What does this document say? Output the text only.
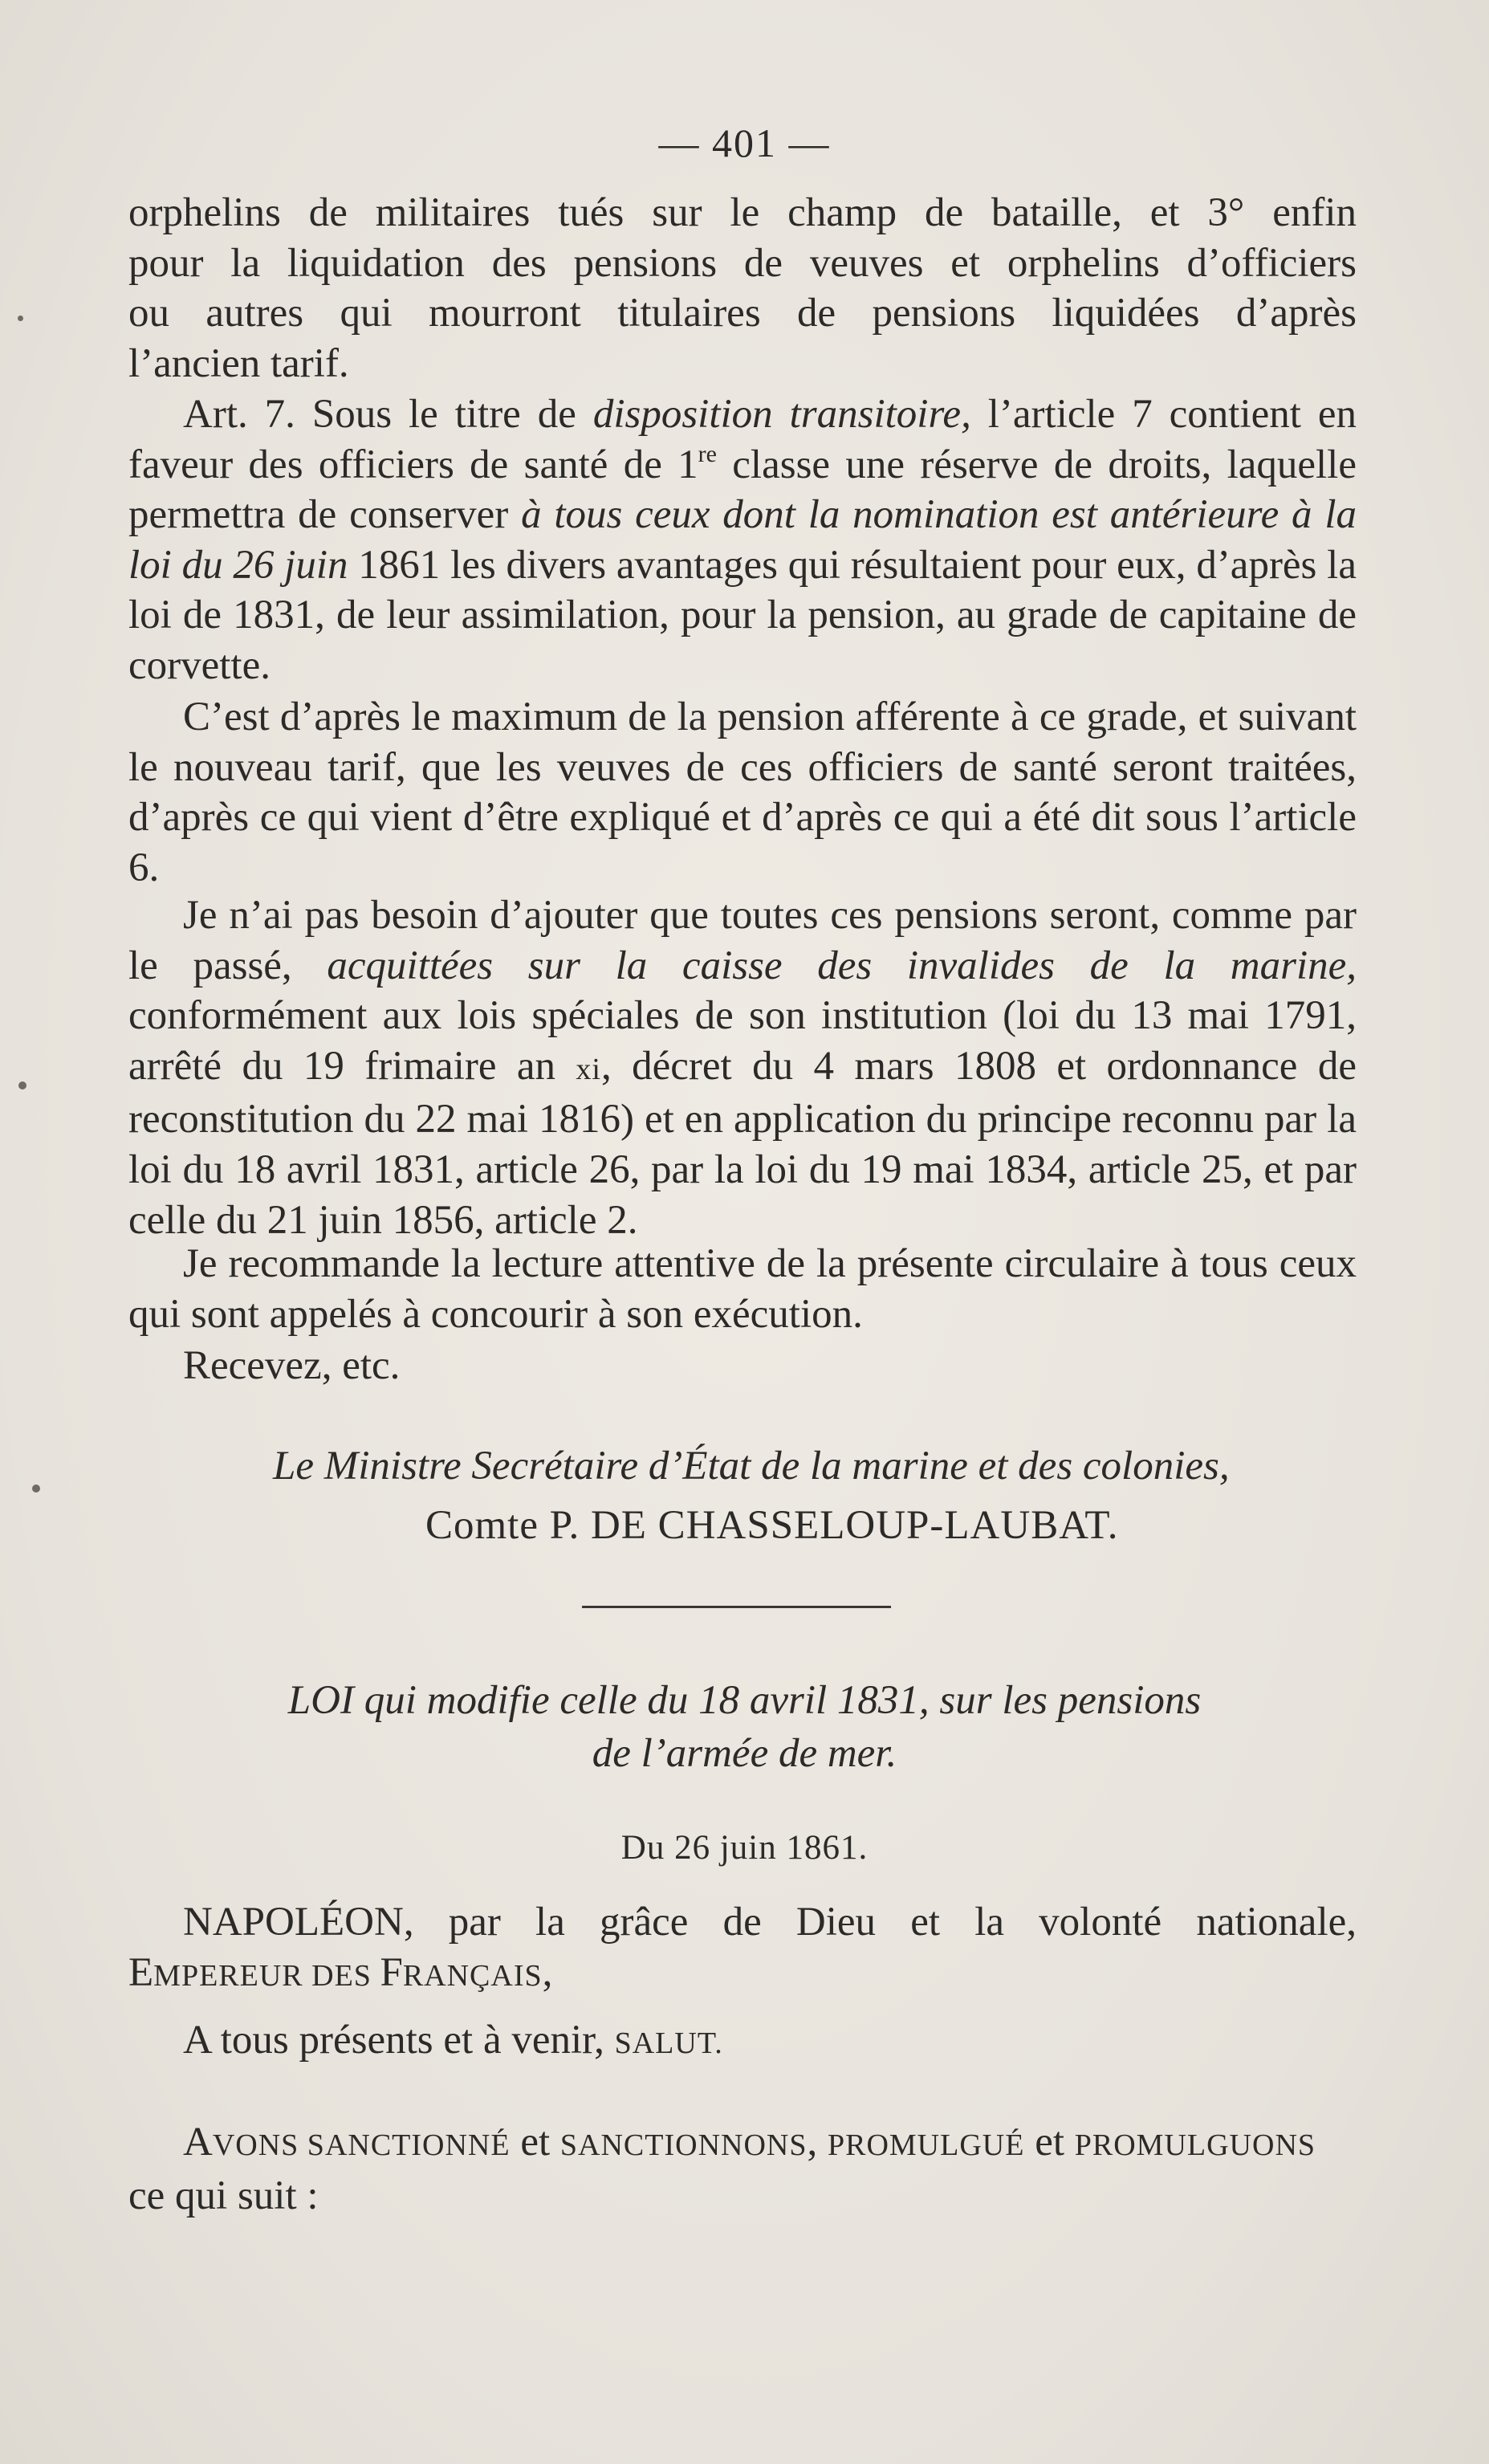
— 401 —

orphelins de militaires tués sur le champ de bataille, et 3° enfin

pour la liquidation des pensions de veuves et orphelins d’officiers

ou autres qui mourront titulaires de pensions liquidées d’après

l’ancien tarif.

Art. 7. Sous le titre de disposition transitoire, l’article 7 contient en faveur des officiers de santé de 1re classe une réserve de droits, laquelle permettra de conserver à tous ceux dont la nomination est antérieure à la loi du 26 juin 1861 les divers avantages qui résultaient pour eux, d’après la loi de 1831, de leur assimilation, pour la pension, au grade de capitaine de corvette.

C’est d’après le maximum de la pension afférente à ce grade, et suivant le nouveau tarif, que les veuves de ces officiers de santé seront traitées, d’après ce qui vient d’être expliqué et d’après ce qui a été dit sous l’article 6.

Je n’ai pas besoin d’ajouter que toutes ces pensions seront, comme par le passé, acquittées sur la caisse des invalides de la marine, conformément aux lois spéciales de son institution (loi du 13 mai 1791, arrêté du 19 frimaire an xi, décret du 4 mars 1808 et ordonnance de reconstitution du 22 mai 1816) et en application du principe reconnu par la loi du 18 avril 1831, article 26, par la loi du 19 mai 1834, article 25, et par celle du 21 juin 1856, article 2.

Je recommande la lecture attentive de la présente circulaire à tous ceux qui sont appelés à concourir à son exécution.

Recevez, etc.

Le Ministre Secrétaire d’État de la marine et des colonies,
Comte P. DE CHASSELOUP-LAUBAT.
LOI qui modifie celle du 18 avril 1831, sur les pensions
de l’armée de mer.
Du 26 juin 1861.

NAPOLÉON, par la grâce de Dieu et la volonté nationale,

EMPEREUR DES FRANÇAIS,

A tous présents et à venir, SALUT.

AVONS SANCTIONNÉ et SANCTIONNONS, PROMULGUÉ et PROMULGUONS

ce qui suit :
